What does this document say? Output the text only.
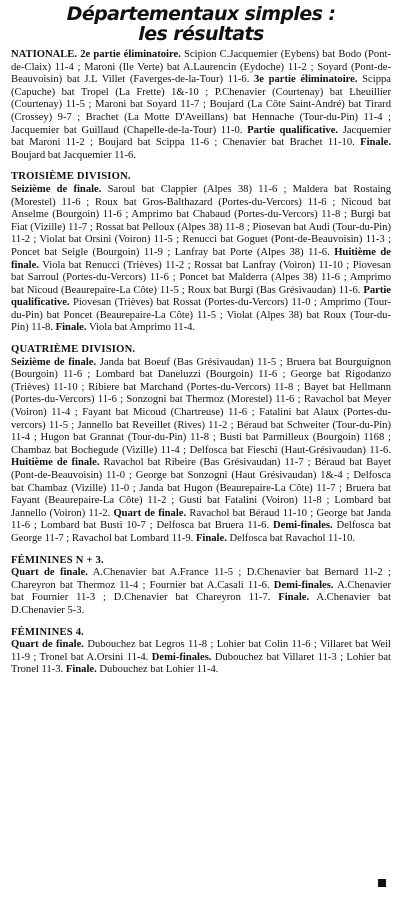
Départementaux simples :
les résultats

NATIONALE. 2e partie éliminatoire. Scipion C.Jacquemier (Eybens) bat Bodo (Pont-de-Claix) 11-4 ; Maroni (Ile Verte) bat A.Laurencin (Eydoche) 11-2 ; Soyard (Pont-de-Beauvoisin) bat J.L Villet (Faverges-de-la-Tour) 11-6. 3e partie éliminatoire. Scippa (Capuche) bat Tropel (La Frette) 1&-10 ; P.Chenavier (Courtenay) bat Lheuillier (Courtenay) 11-5 ; Maroni bat Soyard 11-7 ; Boujard (La Côte Saint-André) bat Tirard (Crossey) 9-7 ; Brachet (La Motte D'Aveillans) bat Hennache (Tour-du-Pin) 11-4 ; Jacquemier bat Guillaud (Chapelle-de-la-Tour) 11-0. Partie qualificative. Jacquemier bat Maroni 11-2 ; Boujard bat Scippa 11-6 ; Chenavier bat Brachet 11-10. Finale. Boujard bat Jacquemier 11-6.

TROISIÈME DIVISION.

Seizième de finale. Saroul bat Clappier (Alpes 38) 11-6 ; Maldera bat Rostaing (Morestel) 11-6 ; Roux bat Gros-Balthazard (Portes-du-Vercors) 11-6 ; Nicoud bat Anselme (Bourgoin) 11-6 ; Amprimo bat Chabaud (Portes-du-Vercors) 11-8 ; Burgi bat Fiat (Vizille) 11-7 ; Rossat bat Pelloux (Alpes 38) 11-8 ; Piosevan bat Audi (Tour-du-Pin) 11-2 ; Violat bat Orsini (Voiron) 11-5 ; Renucci bat Goguet (Pont-de-Beauvoisin) 11-3 ; Poncet bat Seigle (Bourgoin) 11-9 ; Lanfray bat Porte (Alpes 38) 11-6. Huitième de finale. Viola bat Renucci (Trièves) 11-2 ; Rossat bat Lanfray (Voiron) 11-10 ; Piovesan bat Sarroul (Portes-du-Vercors) 11-6 ; Poncet bat Malderra (Alpes 38) 11-6 ; Amprimo bat Nicoud (Beaurepaire-La Côte) 11-5 ; Roux bat Burgi (Bas Grésivaudan) 11-6. Partie qualificative. Piovesan (Trièves) bat Rossat (Portes-du-Vercors) 11-0 ; Amprimo (Tour-du-Pin) bat Poncet (Beaurepaire-La Côte) 11-5 ; Violat (Alpes 38) bat Roux (Tour-du-Pin) 11-8. Finale. Viola bat Amprimo 11-4.

QUATRIÈME DIVISION.

Seizième de finale. Janda bat Boeuf (Bas Grésivaudan) 11-5 ; Bruera bat Bourguignon (Bourgoin) 11-6 ; Lombard bat Daneluzzi (Bourgoin) 11-6 ; George bat Rigodanzo (Trièves) 11-10 ; Ribiere bat Marchand (Portes-du-Vercors) 11-8 ; Bayet bat Hellmann (Portes-du-Vercors) 11-6 ; Sonzogni bat Thermoz (Morestel) 11-6 ; Ravachol bat Meyer (Voiron) 11-4 ; Fayant bat Micoud (Chartreuse) 11-6 ; Fatalini bat Alaux (Portes-du-vercors) 11-5 ; Jannello bat Reveillet (Rives) 11-2 ; Béraud bat Schweiter (Tour-du-Pin) 11-4 ; Hugon bat Grannat (Tour-du-Pin) 11-8 ; Busti bat Parmilleux (Bourgoin) 1168 ; Chambaz bat Bochegude (Vizille) 11-4 ; Delfosca bat Fieschi (Haut-Grésivaudan) 11-6. Huitième de finale. Ravachol bat Ribeire (Bas Grésivaudan) 11-7 ; Béraud bat Bayet (Pont-de-Beauvoisin) 11-0 ; George bat Sonzogni (Haut Grésivaudan) 1&-4 ; Delfosca bat Chambaz (Vizille) 11-0 ; Janda bat Hugon (Beaurepaire-La Côte) 11-7 ; Bruera bat Fayant (Beaurepaire-La Côte) 11-2 ; Gusti bat Fatalini (Voiron) 11-8 ; Lombard bat Jannello (Voiron) 11-2. Quart de finale. Ravachol bat Béraud 11-10 ; George bat Janda 11-6 ; Lombard bat Busti 10-7 ; Delfosca bat Bruera 11-6. Demi-finales. Delfosca bat George 11-7 ; Ravachol bat Lombard 11-9. Finale. Delfosca bat Ravachol 11-10.

FÉMININES N + 3.

Quart de finale. A.Chenavier bat A.France 11-5 ; D.Chenavier bat Bernard 11-2 ; Chareyron bat Thermoz 11-4 ; Fournier bat A.Casali 11-6. Demi-finales. A.Chenavier bat Fournier 11-3 ; D.Chenavier bat Chareyron 11-7. Finale. A.Chenavier bat D.Chenavier 5-3.

FÉMININES 4.

Quart de finale. Dubouchez bat Legros 11-8 ; Lohier bat Colin 11-6 ; Villaret bat Weil 11-9 ; Tronel bat A.Orsini 11-4. Demi-finales. Dubouchez bat Villaret 11-3 ; Lohier bat Tronel 11-3. Finale. Dubouchez bat Lohier 11-4.
